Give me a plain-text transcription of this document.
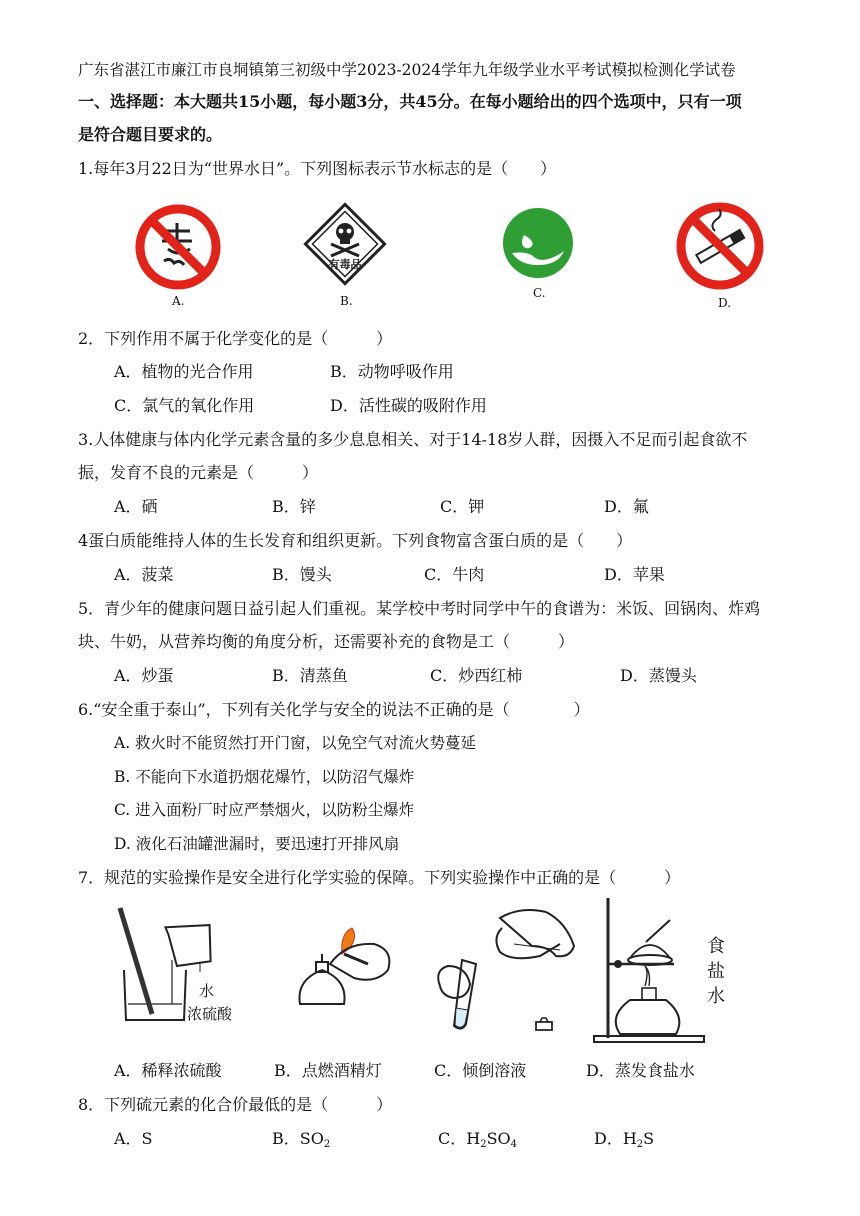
广东省湛江市廉江市良垌镇第三初级中学2023-2024学年九年级学业水平考试模拟检测化学试卷
一、选择题：本大题共15小题，每小题3分，共45分。在每小题给出的四个选项中，只有一项
是符合题目要求的。
1.每年3月22日为“世界水日”。下列图标表示节水标志的是（　　）
A.
有毒品
B.
C.
D.
2．下列作用不属于化学变化的是（　　　）
A．植物的光合作用	B．动物呼吸作用
C．氯气的氧化作用	D．活性碳的吸附作用
3.人体健康与体内化学元素含量的多少息息相关、对于14-18岁人群，因摄入不足而引起食欲不
振，发育不良的元素是（　　　）
A．硒	B．锌	C．钾	D．氟
4蛋白质能维持人体的生长发育和组织更新。下列食物富含蛋白质的是（　　）
A．菠菜	B．馒头	C．牛肉	D．苹果
5．青少年的健康问题日益引起人们重视。某学校中考时同学中午的食谱为：米饭、回锅肉、炸鸡
块、牛奶，从营养均衡的角度分析，还需要补充的食物是工（　　　）
A．炒蛋	B．清蒸鱼	C．炒西红柿	D．蒸馒头
6.“安全重于泰山”，下列有关化学与安全的说法不正确的是（　　　　）
A. 救火时不能贸然打开门窗，以免空气对流火势蔓延
B. 不能向下水道扔烟花爆竹，以防沼气爆炸
C. 进入面粉厂时应严禁烟火，以防粉尘爆炸
D. 液化石油罐泄漏时，要迅速打开排风扇
7．规范的实验操作是安全进行化学实验的保障。下列实验操作中正确的是（　　　）
水
浓硫酸
食
盐
水
A．稀释浓硫酸	B．点燃酒精灯	C．倾倒溶液	D．蒸发食盐水
8．下列硫元素的化合价最低的是（　　　）
A．S	B．$SO_2$	C．$H_2SO_4$	D．$H_2S$
